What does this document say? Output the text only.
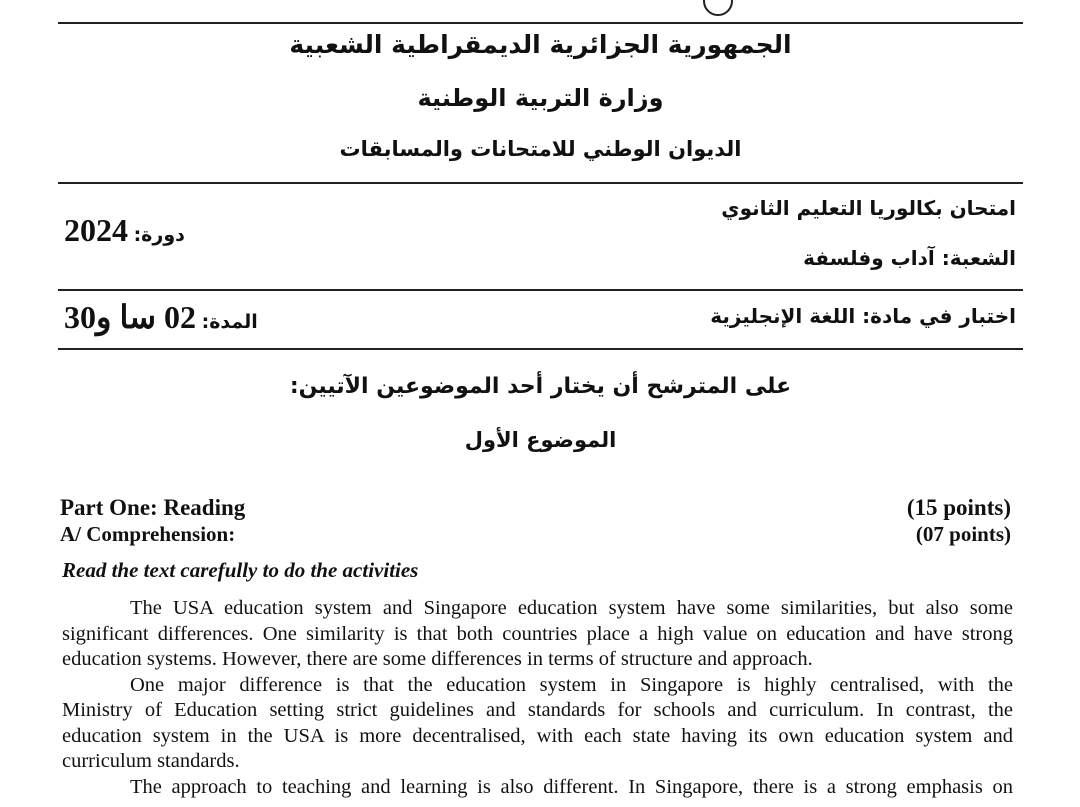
الجمهورية الجزائرية الديمقراطية الشعبية
وزارة التربية الوطنية
الديوان الوطني للامتحانات والمسابقات
امتحان بكالوريا التعليم الثانوي
دورة: 2024
الشعبة: آداب وفلسفة
اختبار في مادة: اللغة الإنجليزية
المدة: 02 سا و30
على المترشح أن يختار أحد الموضوعين الآتيين:
الموضوع الأول
Part One: Reading	(15 points)
A/ Comprehension:	(07 points)
Read the text carefully to do the activities
The USA education system and Singapore education system have some similarities, but also some
significant differences. One similarity is that both countries place a high value on education and have strong
education systems. However, there are some differences in terms of structure and approach.
One major difference is that the education system in Singapore is highly centralised, with the
Ministry of Education setting strict guidelines and standards for schools and curriculum. In contrast, the
education system in the USA is more decentralised, with each state having its own education system and
curriculum standards.
The approach to teaching and learning is also different. In Singapore, there is a strong emphasis on
